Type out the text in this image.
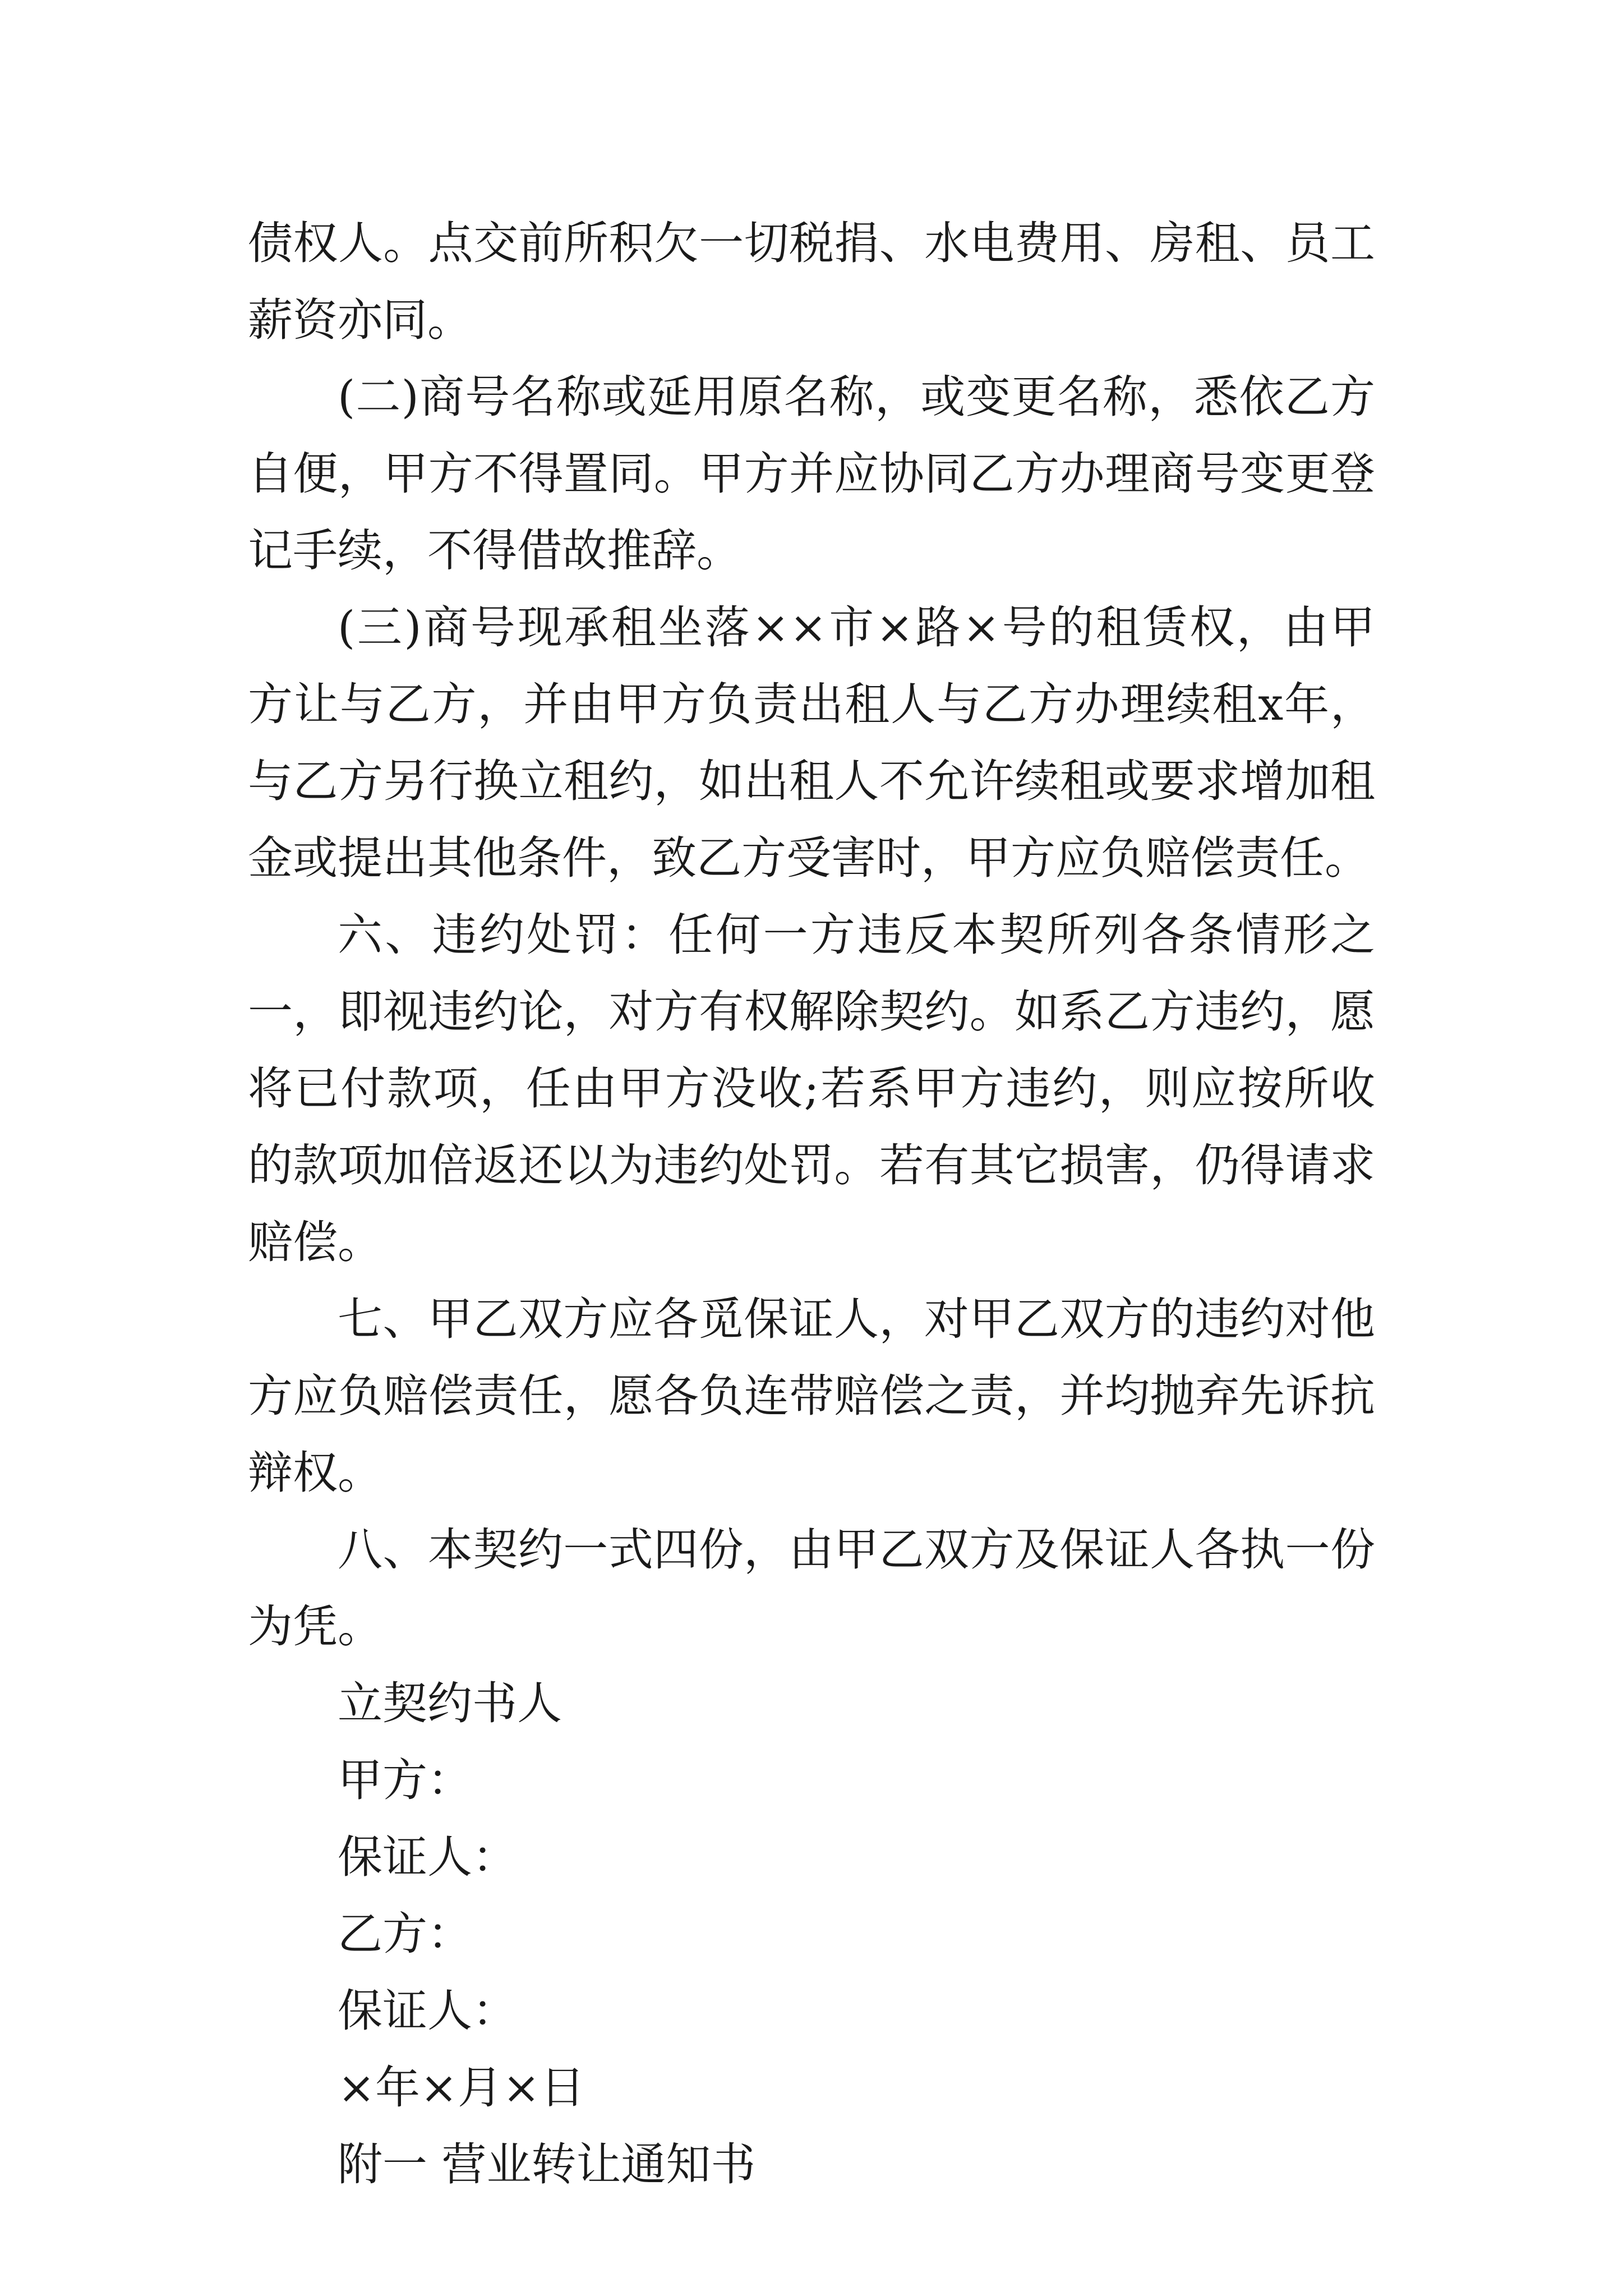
债权人。点交前所积欠一切税捐、水电费用、房租、员工薪资亦同。

(二)商号名称或延用原名称，或变更名称，悉依乙方自便，甲方不得置同。甲方并应协同乙方办理商号变更登记手续，不得借故推辞。

(三)商号现承租坐落××市×路×号的租赁权，由甲方让与乙方，并由甲方负责出租人与乙方办理续租x年，与乙方另行换立租约，如出租人不允许续租或要求增加租金或提出其他条件，致乙方受害时，甲方应负赔偿责任。

六、违约处罚：任何一方违反本契所列各条情形之一，即视违约论，对方有权解除契约。如系乙方违约，愿将已付款项，任由甲方没收;若系甲方违约，则应按所收的款项加倍返还以为违约处罚。若有其它损害，仍得请求赔偿。

七、甲乙双方应各觅保证人，对甲乙双方的违约对他方应负赔偿责任，愿各负连带赔偿之责，并均抛弃先诉抗辩权。

八、本契约一式四份，由甲乙双方及保证人各执一份为凭。

立契约书人

甲方：

保证人：

乙方：

保证人：

×年×月×日

附一 营业转让通知书
